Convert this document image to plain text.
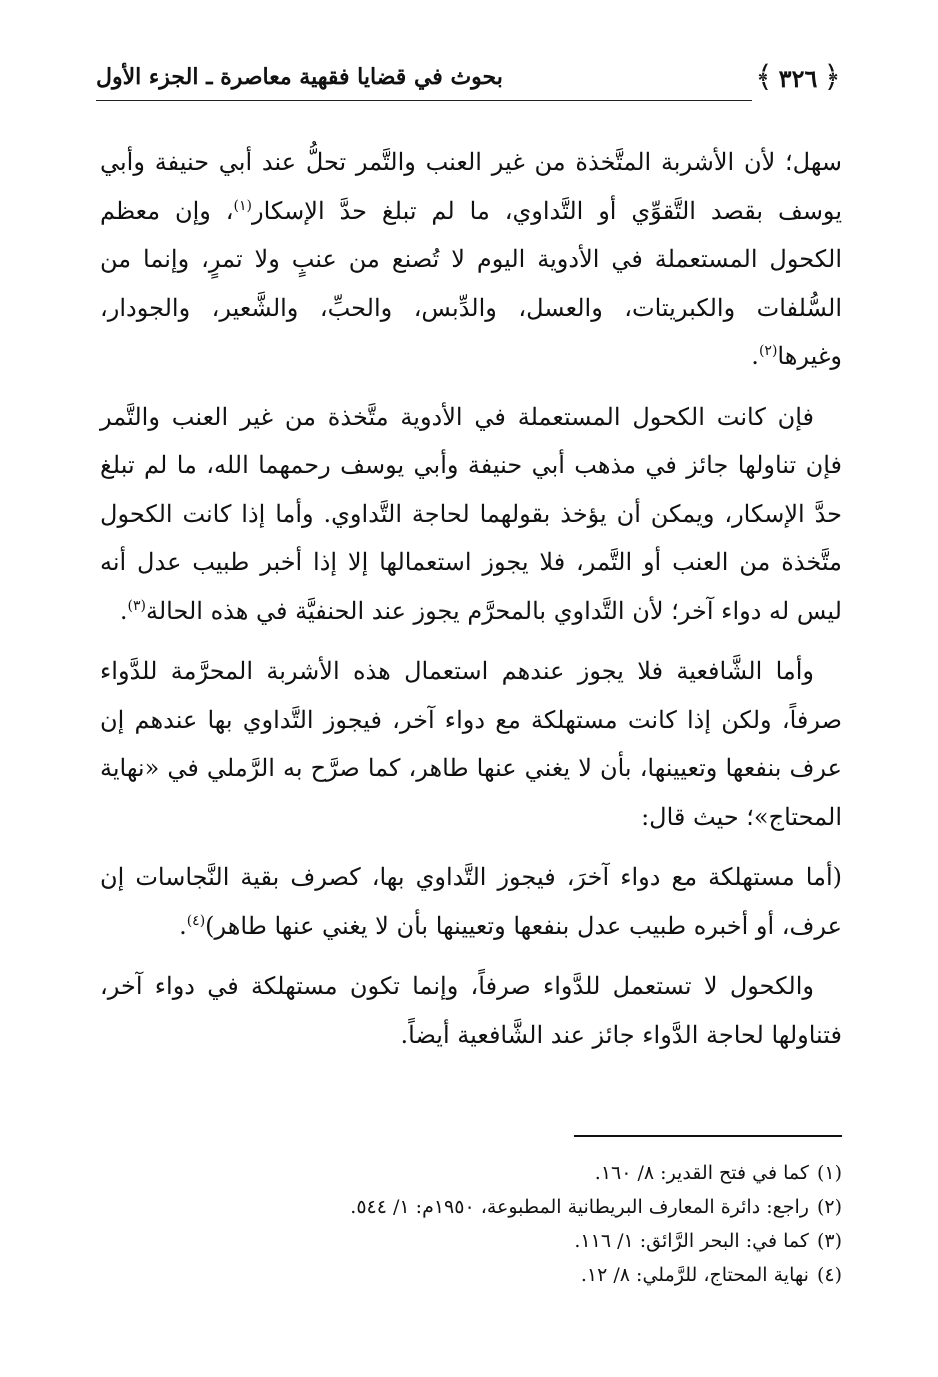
﴿
٣٢٦
﴾
بحوث في قضايا فقهية معاصرة ـ الجزء الأول

سهل؛ لأن الأشربة المتَّخذة من غير العنب والتَّمر تحلُّ عند أبي حنيفة وأبي يوسف بقصد التَّقوِّي أو التَّداوي، ما لم تبلغ حدَّ الإسكار$^{(١)}$، وإن معظم الكحول المستعملة في الأدوية اليوم لا تُصنع من عنبٍ ولا تمرٍ، وإنما من السُّلفات والكبريتات، والعسل، والدِّبس، والحبِّ، والشَّعير، والجودار، وغيرها$^{(٢)}$.

فإن كانت الكحول المستعملة في الأدوية متَّخذة من غير العنب والتَّمر فإن تناولها جائز في مذهب أبي حنيفة وأبي يوسف رحمهما الله، ما لم تبلغ حدَّ الإسكار، ويمكن أن يؤخذ بقولهما لحاجة التَّداوي. وأما إذا كانت الكحول متَّخذة من العنب أو التَّمر، فلا يجوز استعمالها إلا إذا أخبر طبيب عدل أنه ليس له دواء آخر؛ لأن التَّداوي بالمحرَّم يجوز عند الحنفيَّة في هذه الحالة$^{(٣)}$.

وأما الشَّافعية فلا يجوز عندهم استعمال هذه الأشربة المحرَّمة للدَّواء صرفاً، ولكن إذا كانت مستهلكة مع دواء آخر، فيجوز التَّداوي بها عندهم إن عرف بنفعها وتعيينها، بأن لا يغني عنها طاهر، كما صرَّح به الرَّملي في «نهاية المحتاج»؛ حيث قال:

(أما مستهلكة مع دواء آخرَ، فيجوز التَّداوي بها، كصرف بقية النَّجاسات إن عرف، أو أخبره طبيب عدل بنفعها وتعيينها بأن لا يغني عنها طاهر)$^{(٤)}$.

والكحول لا تستعمل للدَّواء صرفاً، وإنما تكون مستهلكة في دواء آخر، فتناولها لحاجة الدَّواء جائز عند الشَّافعية أيضاً.

(١)كما في فتح القدير: ٨/ ١٦٠.

(٢)راجع: دائرة المعارف البريطانية المطبوعة، ١٩٥٠م: ١/ ٥٤٤.

(٣)كما في: البحر الرَّائق: ١/ ١١٦.

(٤)نهاية المحتاج، للرَّملي: ٨/ ١٢.
